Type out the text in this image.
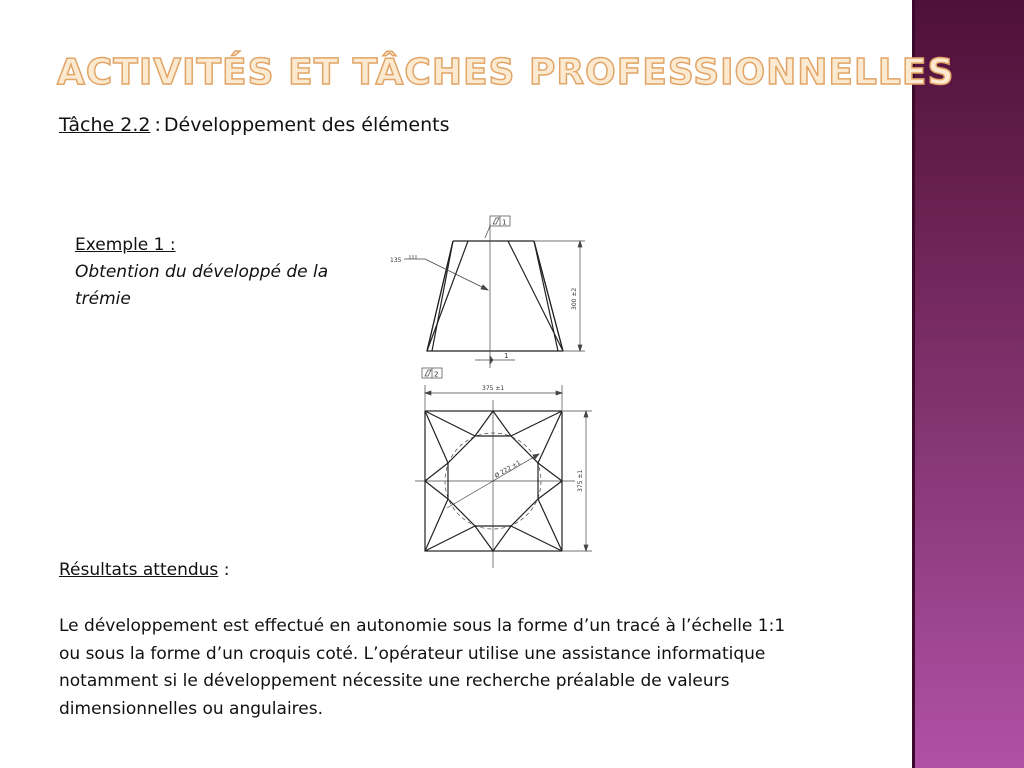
ACTIVITÉS ET TÂCHES PROFESSIONNELLES
Tâche 2.2 : Développement des éléments
Exemple 1 :
Obtention du développé de la trémie
1
135
300 ±2
1
2
375 ±1
375 ±1
Ø 222 ±1
Résultats attendus :
Le développement est effectué en autonomie sous la forme d’un tracé à l’échelle 1:1 ou sous la forme d’un croquis coté. L’opérateur utilise une assistance informatique notamment si le développement nécessite une recherche préalable de valeurs dimensionnelles ou angulaires.
